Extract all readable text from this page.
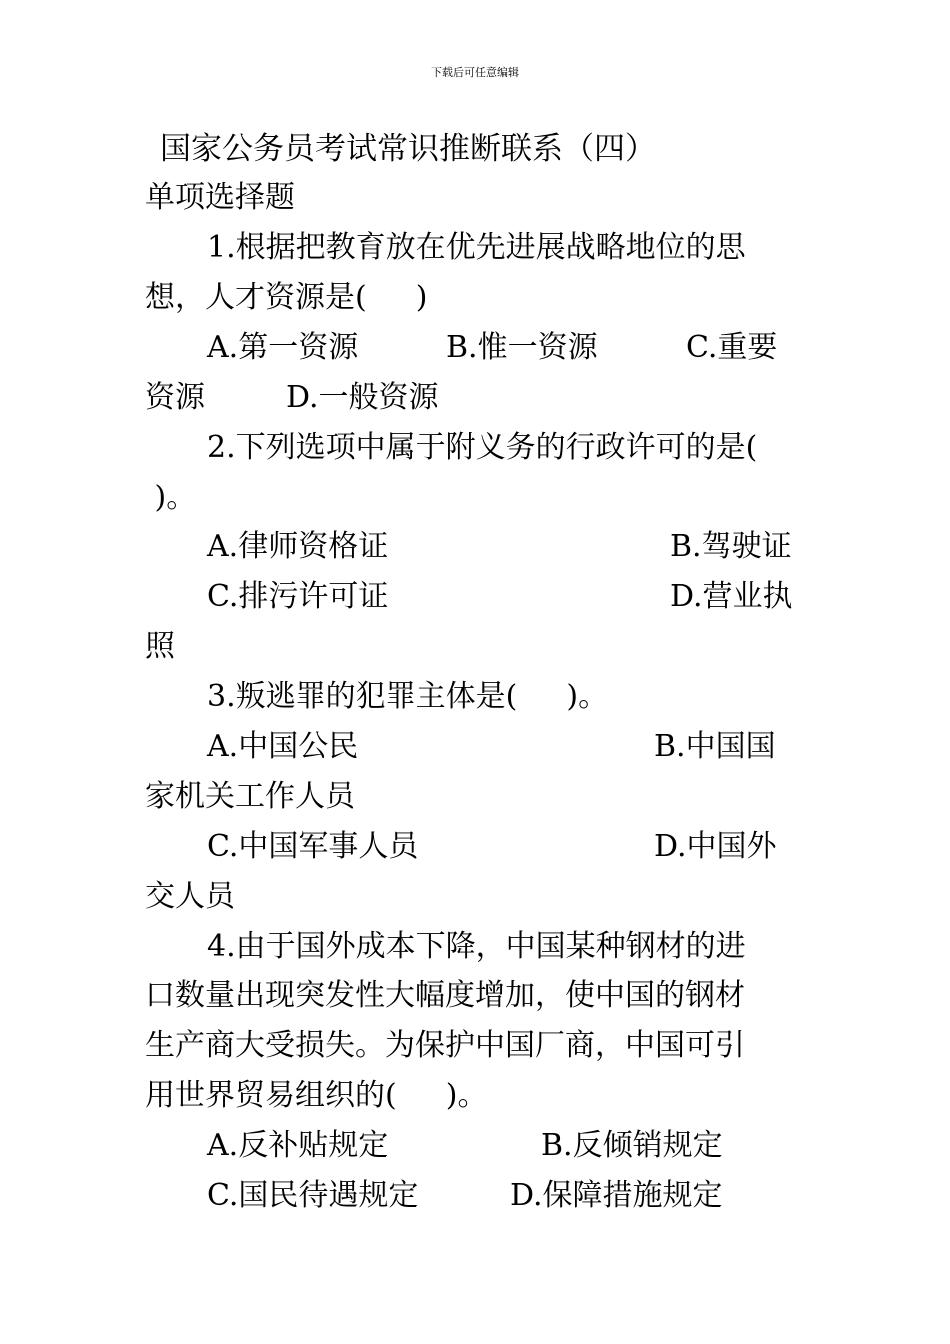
下载后可任意编辑
国家公务员考试常识推断联系（四）
单项选择题
1.根据把教育放在优先进展战略地位的思
想，人才资源是(　  )
A.第一资源	B.惟一资源	C.重要
资源	D.一般资源
2.下列选项中属于附义务的行政许可的是(
)。
A.律师资格证	B.驾驶证
C.排污许可证	D.营业执
照
3.叛逃罪的犯罪主体是(　  )。
A.中国公民	B.中国国
家机关工作人员
C.中国军事人员	D.中国外
交人员
4.由于国外成本下降，中国某种钢材的进
口数量出现突发性大幅度增加，使中国的钢材
生产商大受损失。为保护中国厂商，中国可引
用世界贸易组织的(　  )。
A.反补贴规定	B.反倾销规定
C.国民待遇规定	D.保障措施规定
